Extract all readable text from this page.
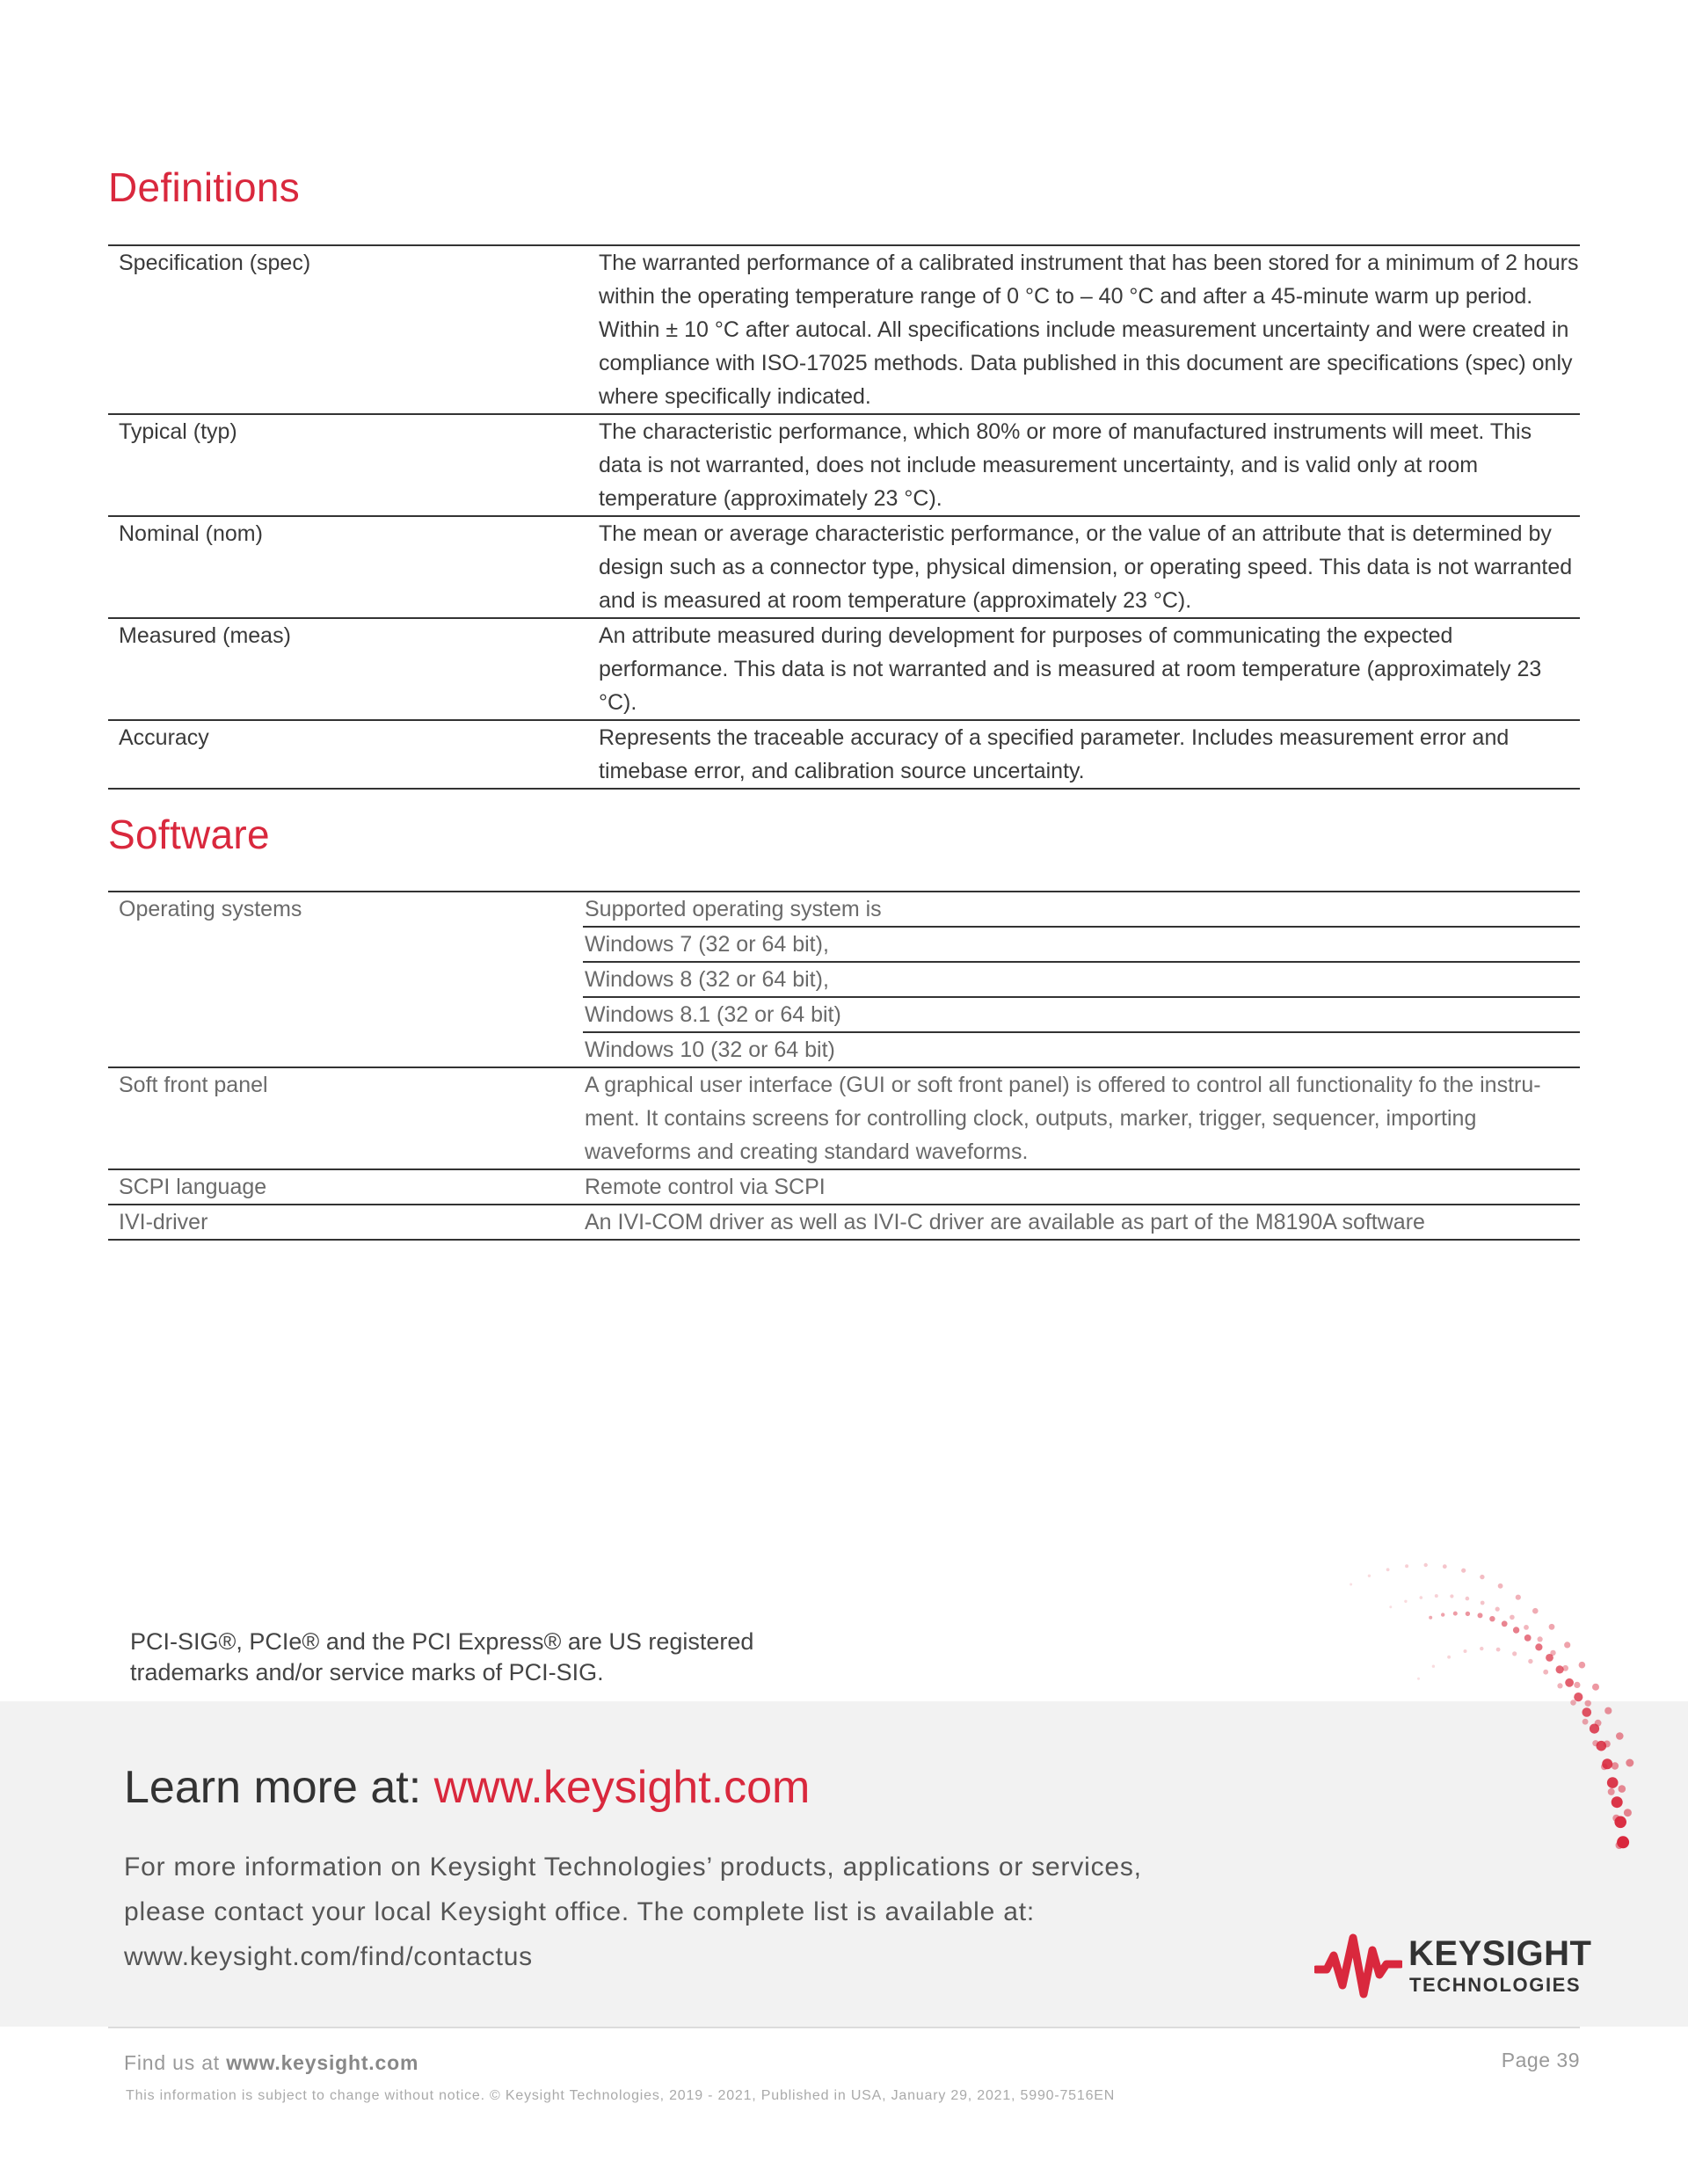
Definitions
Specification (spec)	The warranted performance of a calibrated instrument that has been stored for a minimum of 2 hours within the operating temperature range of 0 °C to – 40 °C and after a 45-minute warm up period. Within ± 10 °C after autocal. All specifications include measurement uncertainty and were created in compliance with ISO-17025 methods. Data published in this document are specifications (spec) only where specifically indicated.
Typical (typ)	The characteristic performance, which 80% or more of manufactured instruments will meet. This data is not warranted, does not include measurement uncertainty, and is valid only at room temperature (approximately 23 °C).
Nominal (nom)	The mean or average characteristic performance, or the value of an attribute that is determined by design such as a connector type, physical dimension, or operating speed. This data is not warranted and is measured at room temperature (approximately 23 °C).
Measured (meas)	An attribute measured during development for purposes of communicating the expected performance. This data is not warranted and is measured at room temperature (approximately 23 °C).
Accuracy	Represents the traceable accuracy of a specified parameter. Includes measurement error and timebase error, and calibration source uncertainty.
Software
Operating systems	Supported operating system is
Windows 7 (32 or 64 bit),
Windows 8 (32 or 64 bit),
Windows 8.1 (32 or 64 bit)
Windows 10 (32 or 64 bit)

Soft front panel	A graphical user interface (GUI or soft front panel) is offered to control all functionality fo the instru-ment. It contains screens for controlling clock, outputs, marker, trigger, sequencer, importing waveforms and creating standard waveforms.

SCPI language	Remote control via SCPI

IVI-driver	An IVI-COM driver as well as IVI-C driver are available as part of the M8190A software
PCI-SIG®, PCIe® and the PCI Express® are US registered
trademarks and/or service marks of PCI-SIG.
Learn more at: www.keysight.com
For more information on Keysight Technologies’ products, applications or services,
please contact your local Keysight office. The complete list is available at:
www.keysight.com/find/contactus	KEYSIGHT
TECHNOLOGIES
Find us at www.keysight.com	Page 39
This information is subject to change without notice. © Keysight Technologies, 2019 - 2021, Published in USA, January 29, 2021, 5990-7516EN
